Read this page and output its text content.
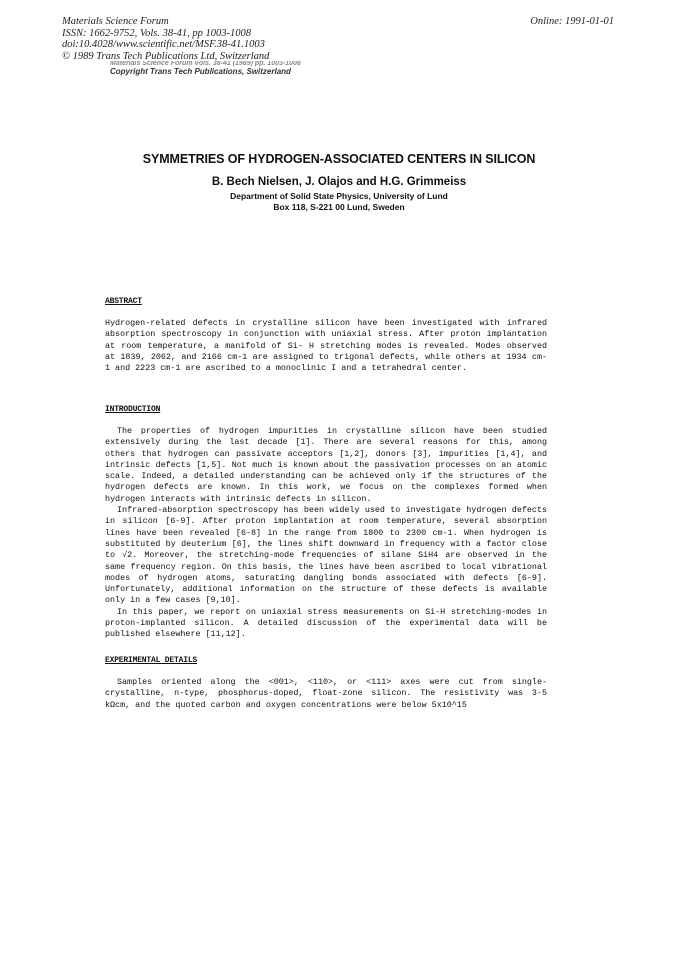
Materials Science Forum
ISSN: 1662-9752, Vols. 38-41, pp 1003-1008
doi:10.4028/www.scientific.net/MSF.38-41.1003
© 1989 Trans Tech Publications Ltd, Switzerland
Online: 1991-01-01
Materials Science Forum Vols. 38-41 (1989) pp. 1003-1008
Copyright Trans Tech Publications, Switzerland
SYMMETRIES OF HYDROGEN-ASSOCIATED CENTERS IN SILICON
B. Bech Nielsen, J. Olajos and H.G. Grimmeiss
Department of Solid State Physics, University of Lund
Box 118, S-221 00 Lund, Sweden
ABSTRACT

Hydrogen-related defects in crystalline silicon have been investigated with infrared absorption spectroscopy in conjunction with uniaxial stress. After proton implantation at room temperature, a manifold of Si- H stretching modes is revealed. Modes observed at 1839, 2062, and 2166 cm-1 are assigned to trigonal defects, while others at 1934 cm-1 and 2223 cm-1 are ascribed to a monoclinic I and a tetrahedral center.

INTRODUCTION

The properties of hydrogen impurities in crystalline silicon have been studied extensively during the last decade [1]. There are several reasons for this, among others that hydrogen can passivate acceptors [1,2], donors [3], impurities [1,4], and intrinsic defects [1,5]. Not much is known about the passivation processes on an atomic scale. Indeed, a detailed understanding can be achieved only if the structures of the hydrogen defects are known. In this work, we focus on the complexes formed when hydrogen interacts with intrinsic defects in silicon.

Infrared-absorption spectroscopy has been widely used to investigate hydrogen defects in silicon [6-9]. After proton implantation at room temperature, several absorption lines have been revealed [6-8] in the range from 1800 to 2300 cm-1. When hydrogen is substituted by deuterium [6], the lines shift downward in frequency with a factor close to √2. Moreover, the stretching-mode frequencies of silane SiH4 are observed in the same frequency region. On this basis, the lines have been ascribed to local vibrational modes of hydrogen atoms, saturating dangling bonds associated with defects [6-9]. Unfortunately, additional information on the structure of these defects is available only in a few cases [9,10].

In this paper, we report on uniaxial stress measurements on Si-H stretching-modes in proton-implanted silicon. A detailed discussion of the experimental data will be published elsewhere [11,12].

EXPERIMENTAL DETAILS

Samples oriented along the <001>, <110>, or <111> axes were cut from single-crystalline, n-type, phosphorus-doped, float-zone silicon. The resistivity was 3-5 kΩcm, and the quoted carbon and oxygen concentrations were below 5x10^15
